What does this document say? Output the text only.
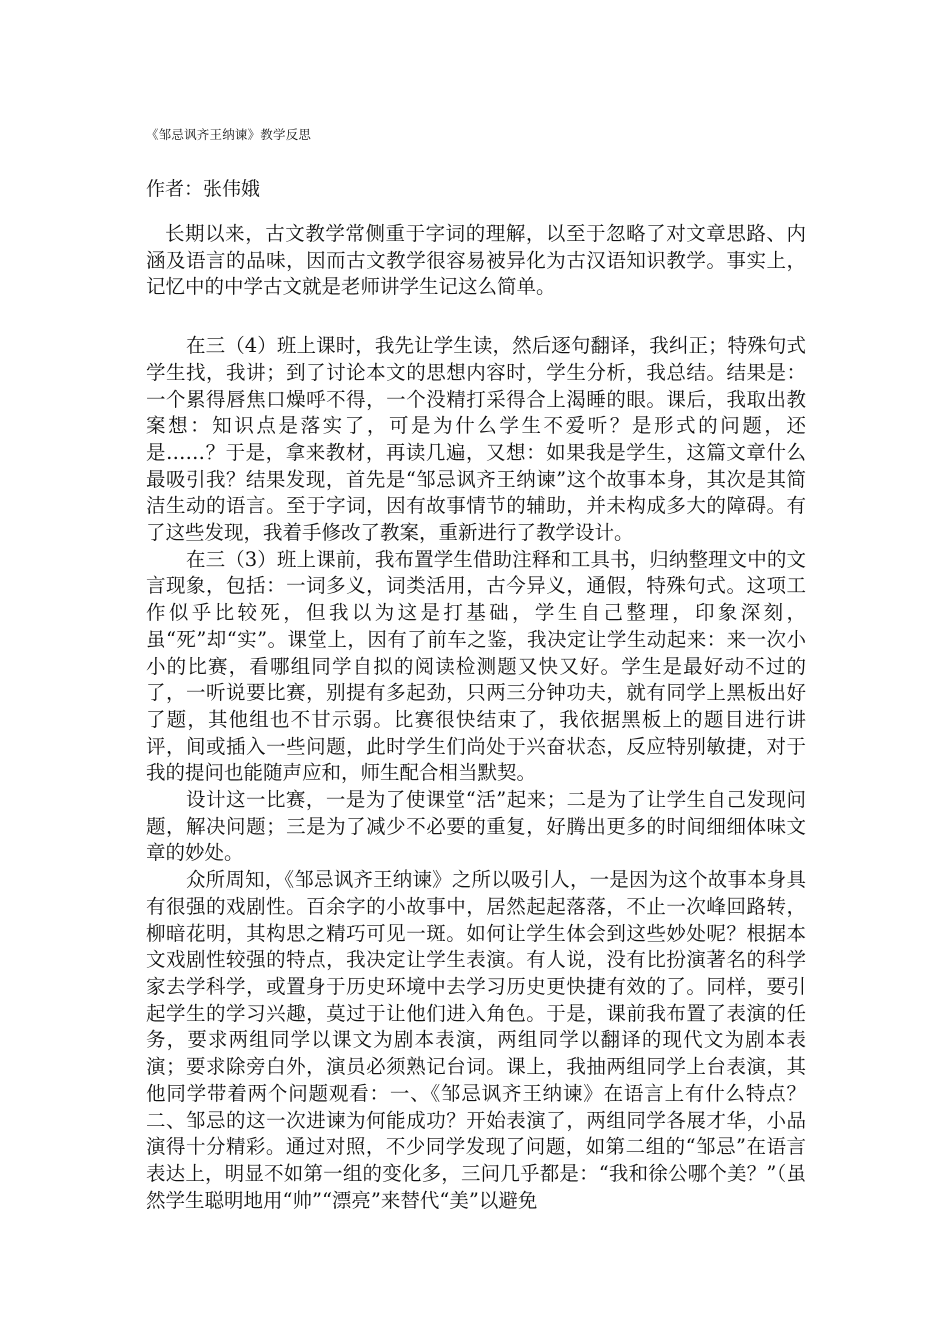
《邹忌讽齐王纳谏》教学反思
作者：张伟娥

长期以来，古文教学常侧重于字词的理解，以至于忽略了对文章思路、内涵及语言的品味，因而古文教学很容易被异化为古汉语知识教学。事实上，记忆中的中学古文就是老师讲学生记这么简单。

在三（4）班上课时，我先让学生读，然后逐句翻译，我纠正；特殊句式学生找，我讲；到了讨论本文的思想内容时，学生分析，我总结。结果是：一个累得唇焦口燥呼不得，一个没精打采得合上渴睡的眼。课后，我取出教案想：知识点是落实了，可是为什么学生不爱听？是形式的问题，还是……？于是，拿来教材，再读几遍，又想：如果我是学生，这篇文章什么最吸引我？结果发现，首先是“邹忌讽齐王纳谏”这个故事本身，其次是其简洁生动的语言。至于字词，因有故事情节的辅助，并未构成多大的障碍。有了这些发现，我着手修改了教案，重新进行了教学设计。

在三（3）班上课前，我布置学生借助注释和工具书，归纳整理文中的文言现象，包括：一词多义，词类活用，古今异义，通假，特殊句式。这项工作似乎比较死，但我以为这是打基础，学生自己整理，印象深刻，虽“死”却“实”。课堂上，因有了前车之鉴，我决定让学生动起来：来一次小小的比赛，看哪组同学自拟的阅读检测题又快又好。学生是最好动不过的了，一听说要比赛，别提有多起劲，只两三分钟功夫，就有同学上黑板出好了题，其他组也不甘示弱。比赛很快结束了，我依据黑板上的题目进行讲评，间或插入一些问题，此时学生们尚处于兴奋状态，反应特别敏捷，对于我的提问也能随声应和，师生配合相当默契。

设计这一比赛，一是为了使课堂“活”起来；二是为了让学生自己发现问题，解决问题；三是为了减少不必要的重复，好腾出更多的时间细细体味文章的妙处。

众所周知，《邹忌讽齐王纳谏》之所以吸引人，一是因为这个故事本身具有很强的戏剧性。百余字的小故事中，居然起起落落，不止一次峰回路转，柳暗花明，其构思之精巧可见一斑。如何让学生体会到这些妙处呢？根据本文戏剧性较强的特点，我决定让学生表演。有人说，没有比扮演著名的科学家去学科学，或置身于历史环境中去学习历史更快捷有效的了。同样，要引起学生的学习兴趣，莫过于让他们进入角色。于是，课前我布置了表演的任务，要求两组同学以课文为剧本表演，两组同学以翻译的现代文为剧本表演；要求除旁白外，演员必须熟记台词。课上，我抽两组同学上台表演，其他同学带着两个问题观看：一、《邹忌讽齐王纳谏》在语言上有什么特点？二、邹忌的这一次进谏为何能成功？开始表演了，两组同学各展才华，小品演得十分精彩。通过对照，不少同学发现了问题，如第二组的“邹忌”在语言表达上，明显不如第一组的变化多，三问几乎都是：“我和徐公哪个美？”（虽然学生聪明地用“帅”“漂亮”来替代“美”以避免
